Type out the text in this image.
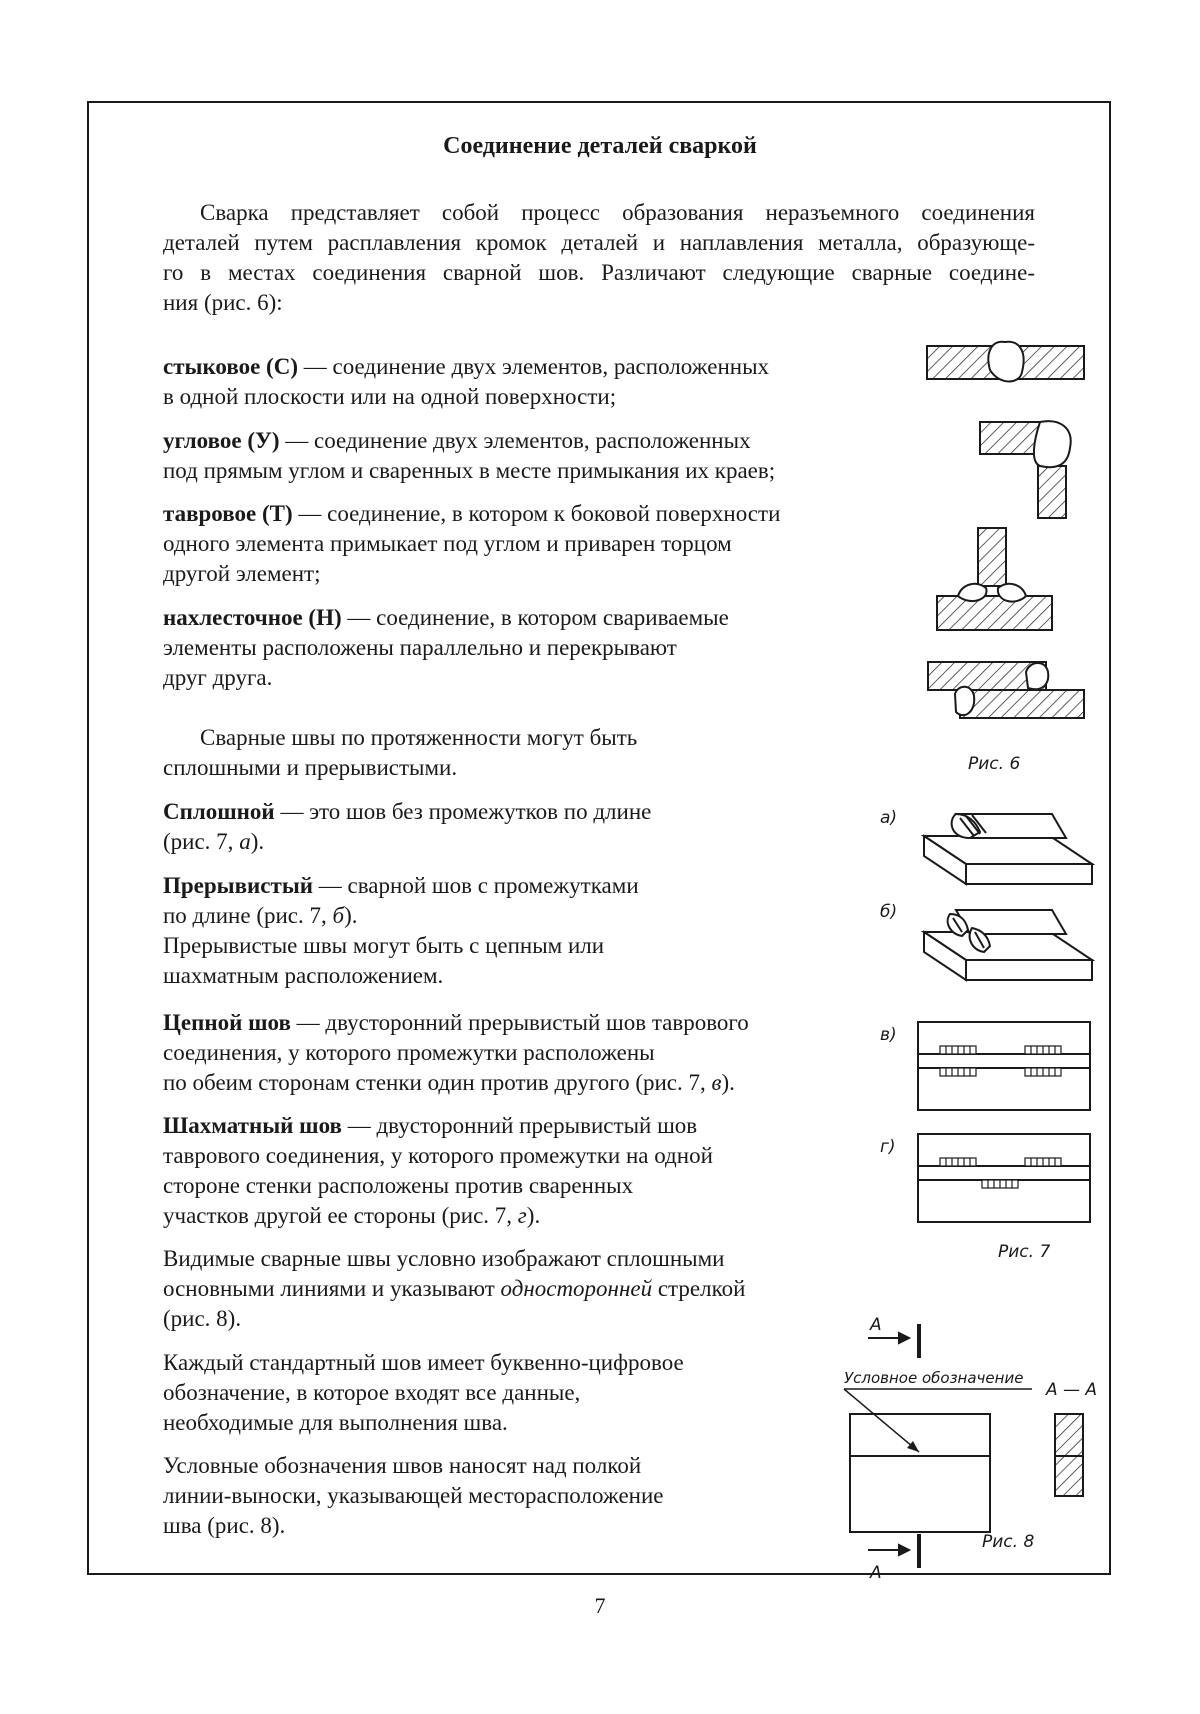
Соединение деталей сваркой
Сварка представляет собой процесс образования неразъемного соединения
деталей путем расплавления кромок деталей и наплавления металла, образующе-
го в местах соединения сварной шов. Различают следующие сварные соедине-
ния (рис. 6):
стыковое (С) — соединение двух элементов, расположенных
в одной плоскости или на одной поверхности;
угловое (У) — соединение двух элементов, расположенных
под прямым углом и сваренных в месте примыкания их краев;
тавровое (Т) — соединение, в котором к боковой поверхности
одного элемента примыкает под углом и приварен торцом
другой элемент;
нахлесточное (Н) — соединение, в котором свариваемые
элементы расположены параллельно и перекрывают
друг друга.
Сварные швы по протяженности могут быть
сплошными и прерывистыми.
Сплошной — это шов без промежутков по длине
(рис. 7, а).
Прерывистый — сварной шов с промежутками
по длине (рис. 7, б).
Прерывистые швы могут быть с цепным или
шахматным расположением.
Цепной шов — двусторонний прерывистый шов таврового
соединения, у которого промежутки расположены
по обеим сторонам стенки один против другого (рис. 7, в).
Шахматный шов — двусторонний прерывистый шов
таврового соединения, у которого промежутки на одной
стороне стенки расположены против сваренных
участков другой ее стороны (рис. 7, г).
Видимые сварные швы условно изображают сплошными
основными линиями и указывают односторонней стрелкой
(рис. 8).
Каждый стандартный шов имеет буквенно-цифровое
обозначение, в которое входят все данные,
необходимые для выполнения шва.
Условные обозначения швов наносят над полкой
линии-выноски, указывающей месторасположение
шва (рис. 8).
Рис. 6
а)
б)
в)
г)
Рис. 7
A
A
Условное обозначение
A — A
Рис. 8
7
